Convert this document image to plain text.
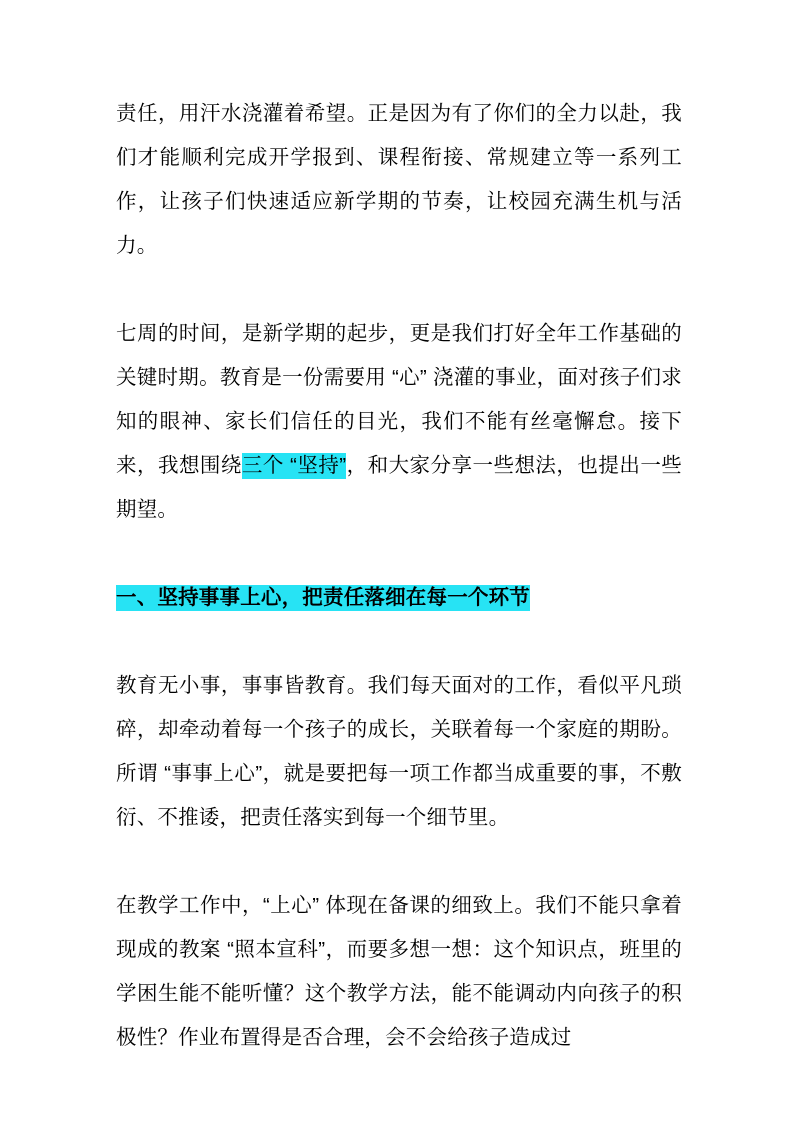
责任，用汗水浇灌着希望。正是因为有了你们的全力以赴，我们才能顺利完成开学报到、课程衔接、常规建立等一系列工作，让孩子们快速适应新学期的节奏，让校园充满生机与活力。

七周的时间，是新学期的起步，更是我们打好全年工作基础的关键时期。教育是一份需要用 “心” 浇灌的事业，面对孩子们求知的眼神、家长们信任的目光，我们不能有丝毫懈怠。接下来，我想围绕三个 “坚持”，和大家分享一些想法，也提出一些期望。

一、坚持事事上心，把责任落细在每一个环节

教育无小事，事事皆教育。我们每天面对的工作，看似平凡琐碎，却牵动着每一个孩子的成长，关联着每一个家庭的期盼。所谓 “事事上心”，就是要把每一项工作都当成重要的事，不敷衍、不推诿，把责任落实到每一个细节里。

在教学工作中，“上心” 体现在备课的细致上。我们不能只拿着现成的教案 “照本宣科”，而要多想一想：这个知识点，班里的学困生能不能听懂？这个教学方法，能不能调动内向孩子的积极性？作业布置得是否合理，会不会给孩子造成过
